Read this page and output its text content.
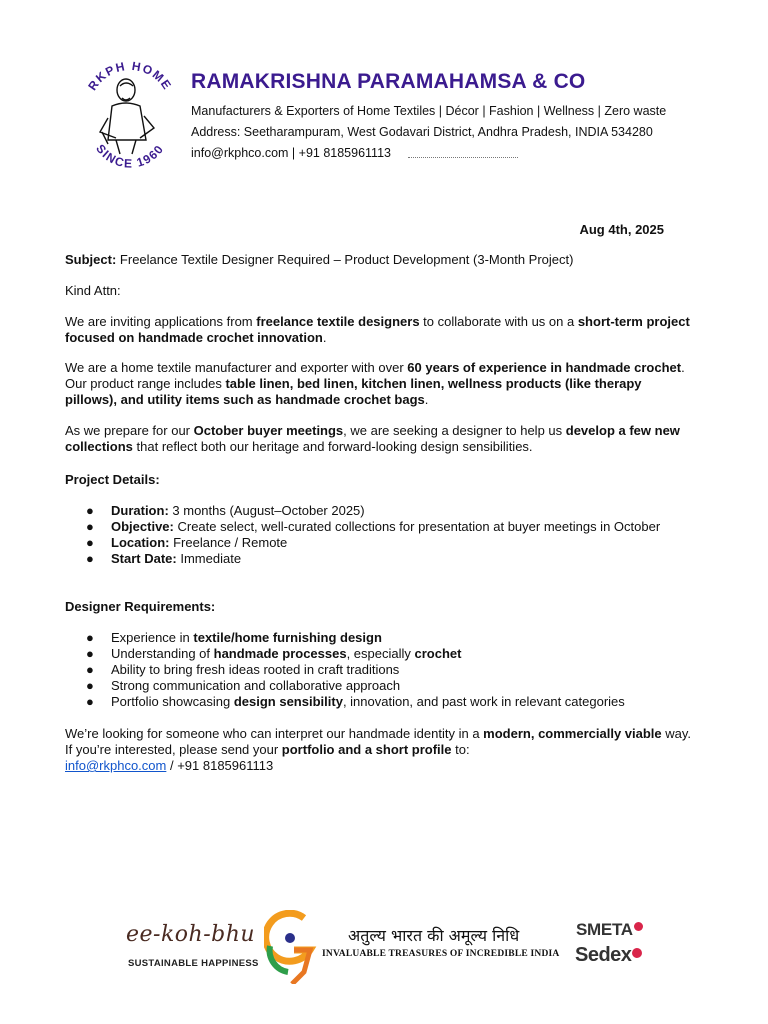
RKPH HOME
SINCE 1960
RAMAKRISHNA PARAMAHAMSA & CO
Manufacturers & Exporters of Home Textiles | Décor | Fashion | Wellness | Zero waste
Address: Seetharampuram, West Godavari District, Andhra Pradesh, INDIA 534280
info@rkphco.com | +91 8185961113
Aug 4th, 2025
Subject: Freelance Textile Designer Required – Product Development (3-Month Project)
Kind Attn:
We are inviting applications from freelance textile designers to collaborate with us on a short-term project focused on handmade crochet innovation.
We are a home textile manufacturer and exporter with over 60 years of experience in handmade crochet. Our product range includes table linen, bed linen, kitchen linen, wellness products (like therapy pillows), and utility items such as handmade crochet bags.
As we prepare for our October buyer meetings, we are seeking a designer to help us develop a few new collections that reflect both our heritage and forward-looking design sensibilities.
Project Details:
● Duration: 3 months (August–October 2025)
● Objective: Create select, well-curated collections for presentation at buyer meetings in October
● Location: Freelance / Remote
● Start Date: Immediate
Designer Requirements:
● Experience in textile/home furnishing design
● Understanding of handmade processes, especially crochet
● Ability to bring fresh ideas rooted in craft traditions
● Strong communication and collaborative approach
● Portfolio showcasing design sensibility, innovation, and past work in relevant categories
We’re looking for someone who can interpret our handmade identity in a modern, commercially viable way. If you’re interested, please send your portfolio and a short profile to:
info@rkphco.com / +91 8185961113
ee-koh-bhu
SUSTAINABLE HAPPINESS
अतुल्य भारत की अमूल्य निधि
INVALUABLE TREASURES OF INCREDIBLE INDIA
SMETA
Sedex
